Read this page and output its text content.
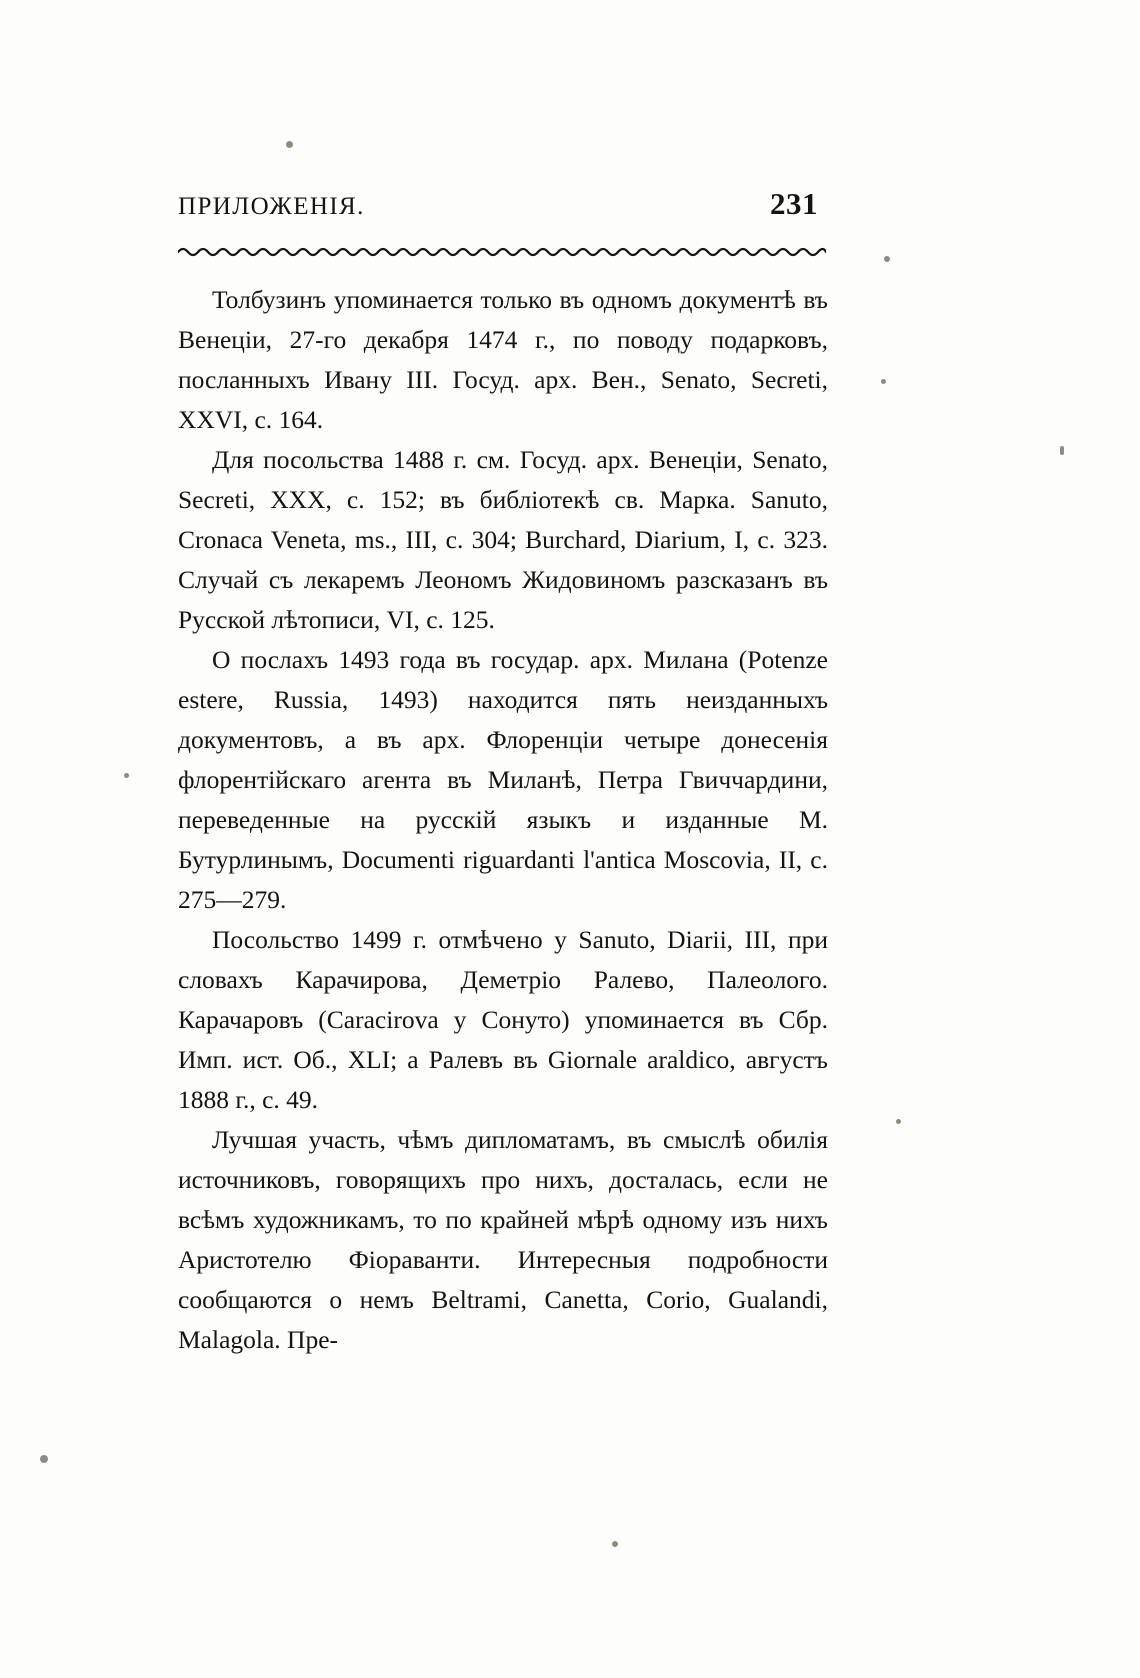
ПРИЛОЖЕНІЯ.	231

Толбузинъ упоминается только въ одномъ документѣ въ Венеціи, 27-го декабря 1474 г., по поводу подарковъ, посланныхъ Ивану III. Госуд. арх. Вен., Senato, Secreti, XXVI, с. 164.

Для посольства 1488 г. см. Госуд. арх. Венеціи, Senato, Secreti, XXX, с. 152; въ библіотекѣ св. Марка. Sanuto, Cronaca Veneta, ms., III, с. 304; Burchard, Diarium, I, с. 323. Случай съ лекаремъ Леономъ Жидовиномъ разсказанъ въ Русской лѣтописи, VI, с. 125.

О послахъ 1493 года въ государ. арх. Милана (Potenze estere, Russia, 1493) находится пять неизданныхъ документовъ, а въ арх. Флоренціи четыре донесенія флорентійскаго агента въ Миланѣ, Петра Гвиччардини, переведенные на русскій языкъ и изданные М. Бутурлинымъ, Documenti riguardanti l'antica Moscovia, II, с. 275—279.

Посольство 1499 г. отмѣчено у Sanuto, Diarii, III, при словахъ Карачирова, Деметріо Ралево, Палеолого. Карачаровъ (Caracirova у Сонуто) упоминается въ Сбр. Имп. ист. Об., XLI; а Ралевъ въ Giornale araldico, августъ 1888 г., с. 49.

Лучшая участь, чѣмъ дипломатамъ, въ смыслѣ обилія источниковъ, говорящихъ про нихъ, досталась, если не всѣмъ художникамъ, то по крайней мѣрѣ одному изъ нихъ Аристотелю Фіораванти. Интересныя подробности сообщаются о немъ Beltrami, Canetta, Corio, Gualandi, Malagola. Пре-
